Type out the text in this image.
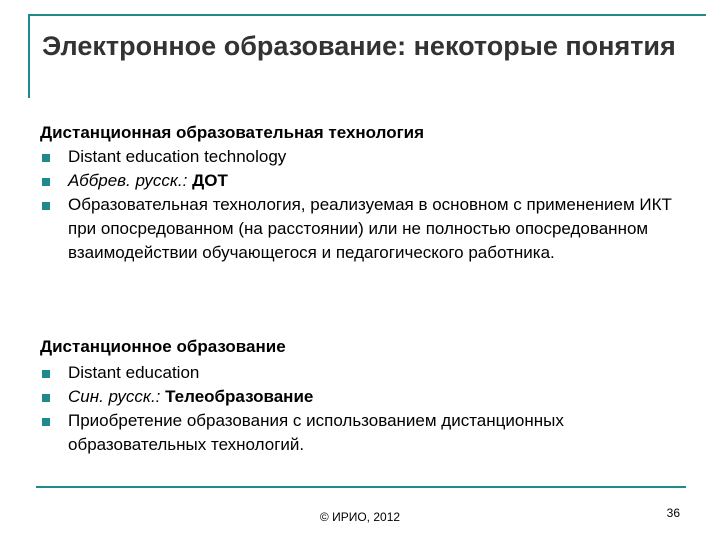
Электронное образование: некоторые понятия
Дистанционная образовательная технология
Distant education technology
Аббрев. русск.: ДОТ
Образовательная технология, реализуемая в основном с применением ИКТ при опосредованном (на расстоянии) или не полностью опосредованном взаимодействии обучающегося и педагогического работника.
Дистанционное образование
Distant education
Син. русск.: Телеобразование
Приобретение образования с использованием дистанционных образовательных технологий.
© ИРИО, 2012	36
